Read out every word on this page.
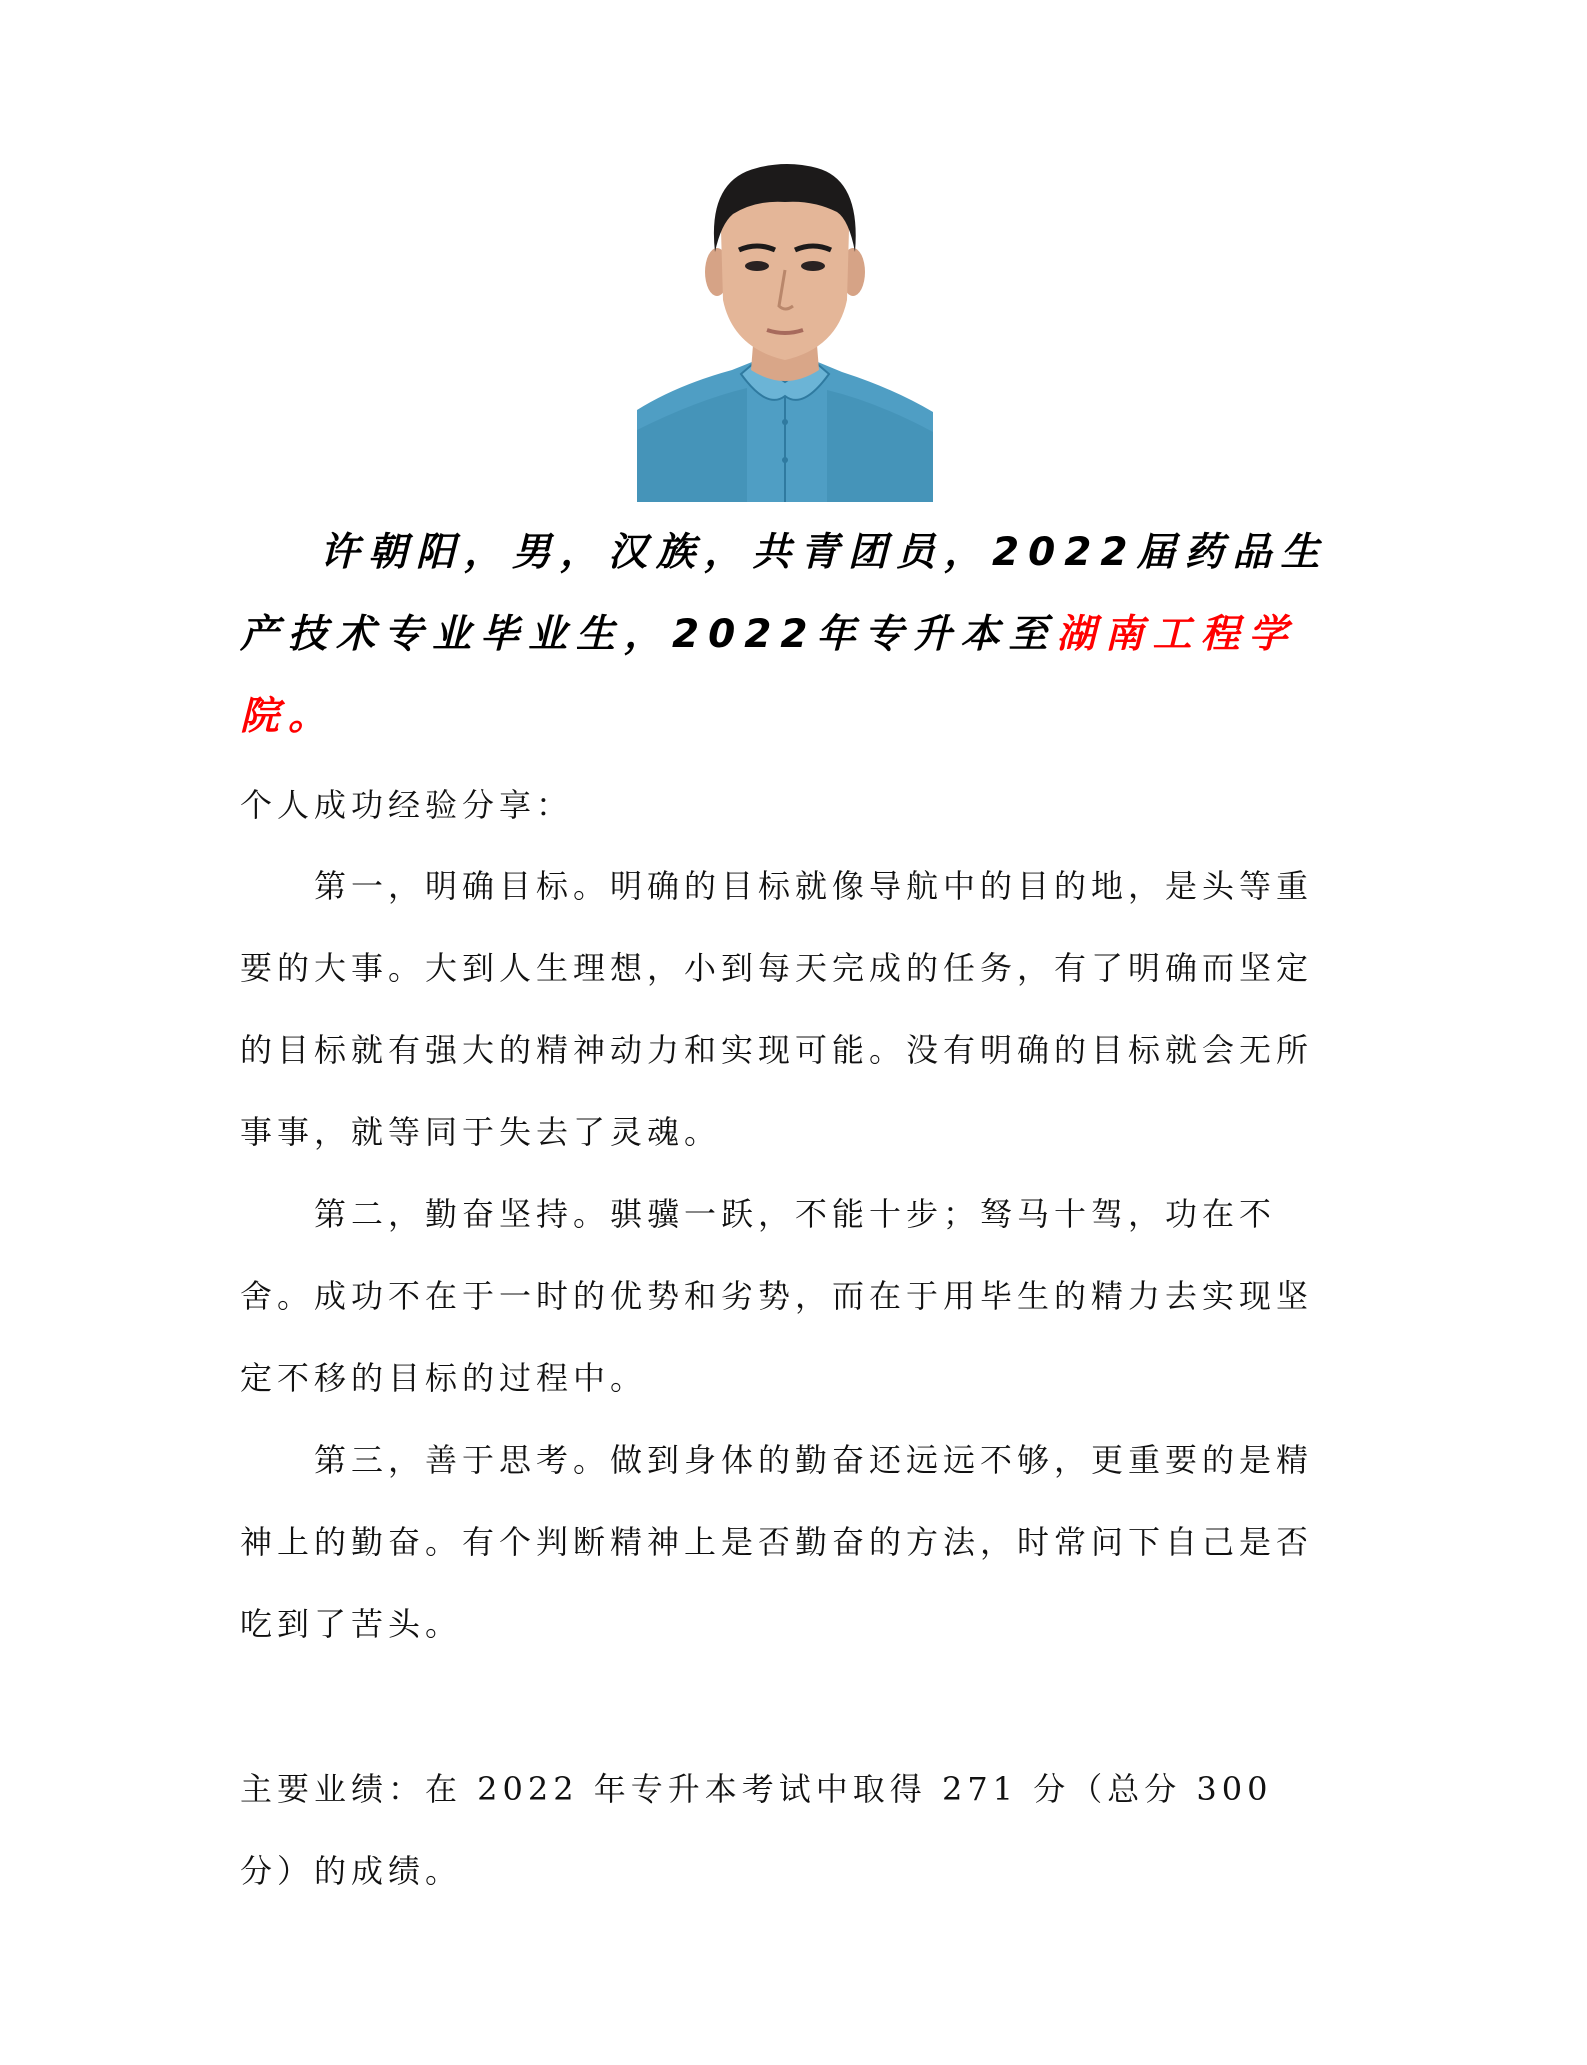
许朝阳，男，汉族，共青团员，2022届药品生产技术专业毕业生，2022年专升本至湖南工程学院。

个人成功经验分享：

第一，明确目标。明确的目标就像导航中的目的地，是头等重要的大事。大到人生理想，小到每天完成的任务，有了明确而坚定的目标就有强大的精神动力和实现可能。没有明确的目标就会无所事事，就等同于失去了灵魂。

第二，勤奋坚持。骐骥一跃，不能十步；驽马十驾，功在不舍。成功不在于一时的优势和劣势，而在于用毕生的精力去实现坚定不移的目标的过程中。

第三，善于思考。做到身体的勤奋还远远不够，更重要的是精神上的勤奋。有个判断精神上是否勤奋的方法，时常问下自己是否吃到了苦头。

主要业绩：在 2022 年专升本考试中取得 271 分（总分 300 分）的成绩。
